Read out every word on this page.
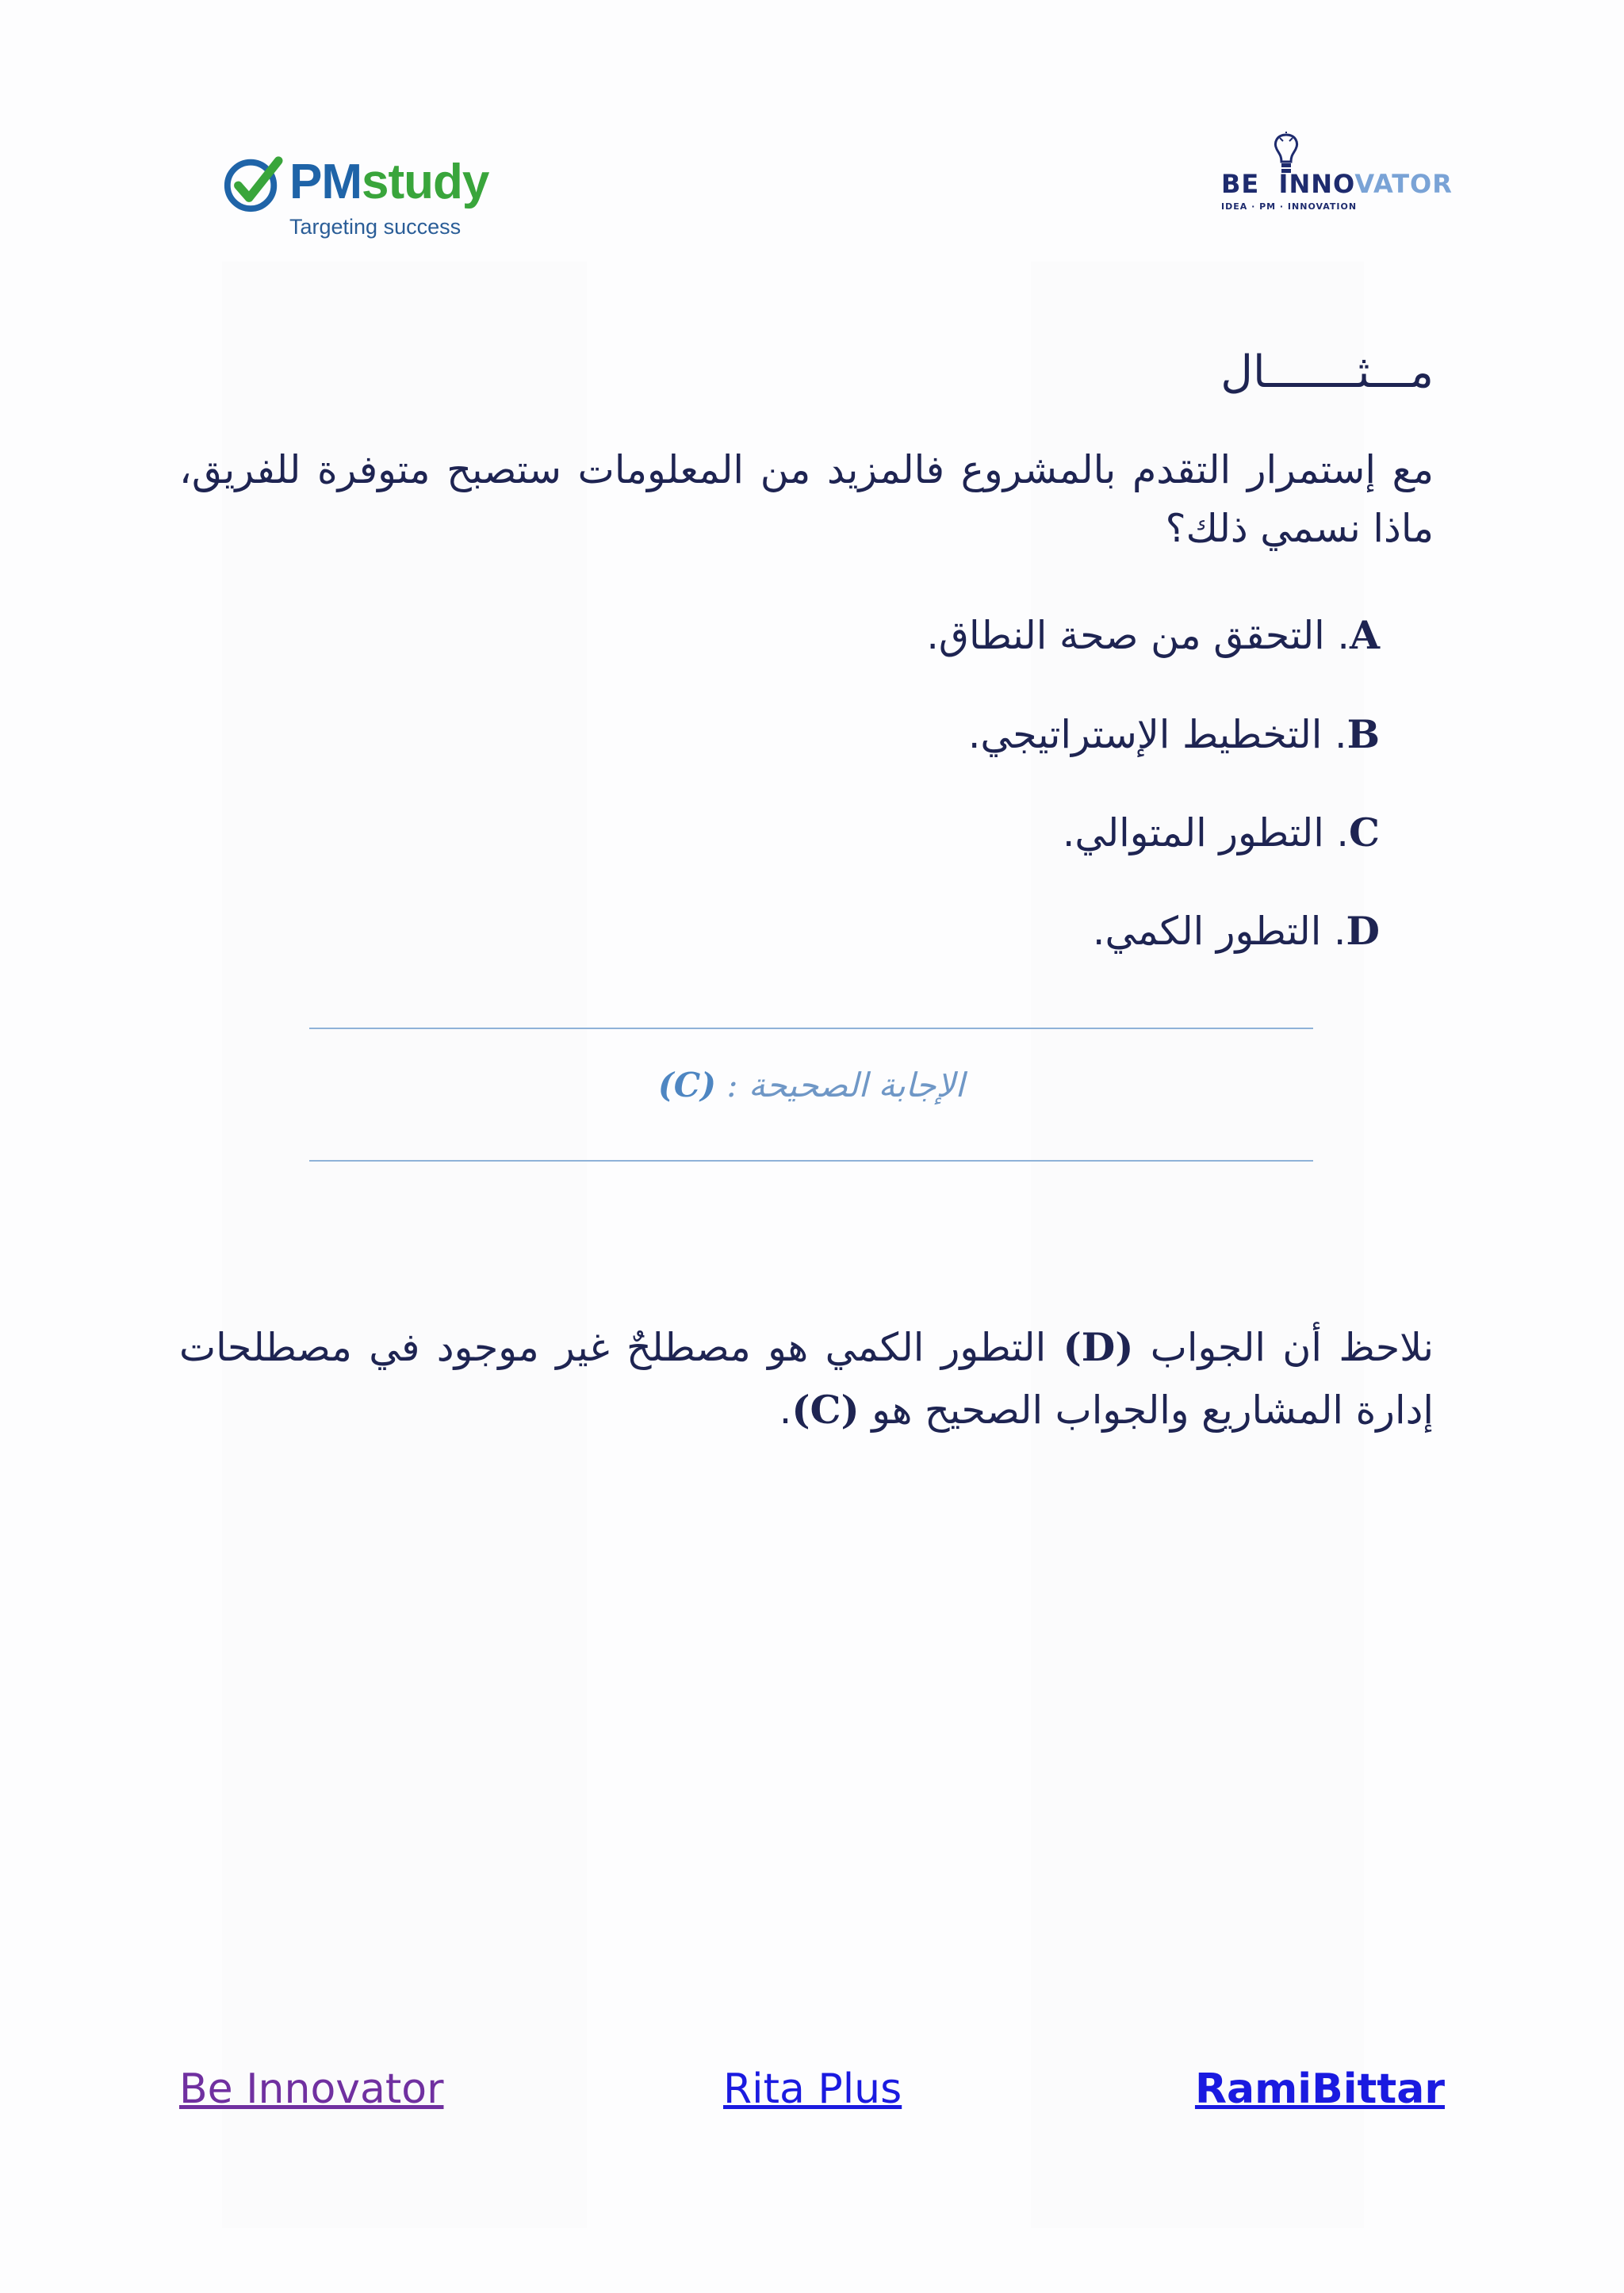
PMstudy
Targeting success
BE INNOVATOR
IDEA · PM · INNOVATION
مـــثـــــــال
مع إستمرار التقدم بالمشروع فالمزيد من المعلومات ستصبح متوفرة للفريق، ماذا نسمي ذلك؟
A. التحقق من صحة النطاق.
B. التخطيط الإستراتيجي.
C. التطور المتوالي.
D. التطور الكمي.
الإجابة الصحيحة : (C)
نلاحظ أن الجواب (D) التطور الكمي هو مصطلحٌ غير موجود في مصطلحات إدارة المشاريع والجواب الصحيح هو (C).
Be Innovator	Rita Plus	RamiBittar
